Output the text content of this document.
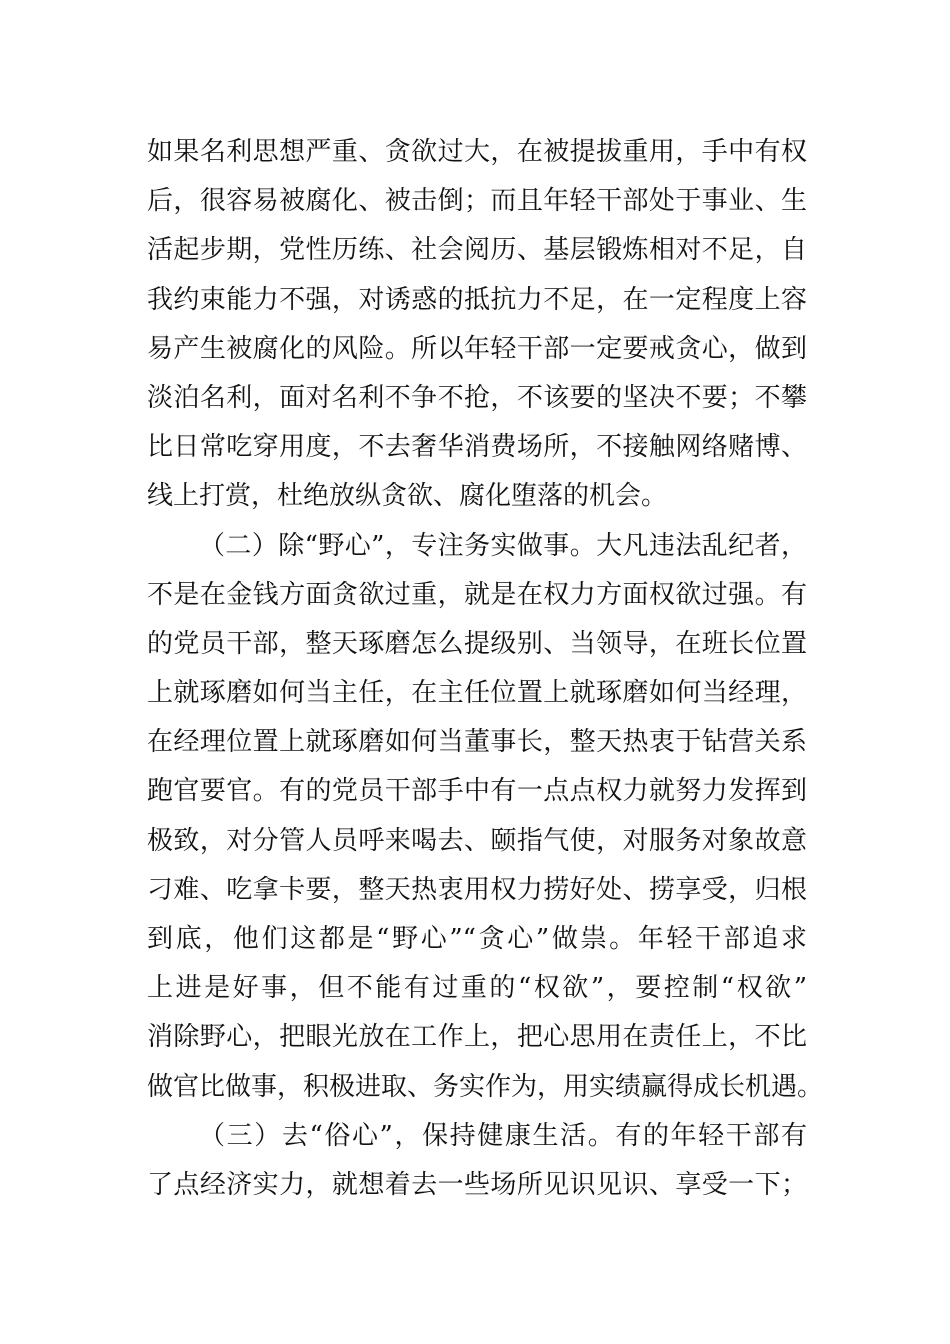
如果名利思想严重、贪欲过大，在被提拔重用，手中有权
后，很容易被腐化、被击倒；而且年轻干部处于事业、生
活起步期，党性历练、社会阅历、基层锻炼相对不足，自
我约束能力不强，对诱惑的抵抗力不足，在一定程度上容
易产生被腐化的风险。所以年轻干部一定要戒贪心，做到
淡泊名利，面对名利不争不抢，不该要的坚决不要；不攀
比日常吃穿用度，不去奢华消费场所，不接触网络赌博、
线上打赏，杜绝放纵贪欲、腐化堕落的机会。
（二）除“野心”，专注务实做事。大凡违法乱纪者，
不是在金钱方面贪欲过重，就是在权力方面权欲过强。有
的党员干部，整天琢磨怎么提级别、当领导，在班长位置
上就琢磨如何当主任，在主任位置上就琢磨如何当经理，
在经理位置上就琢磨如何当董事长，整天热衷于钻营关系
跑官要官。有的党员干部手中有一点点权力就努力发挥到
极致，对分管人员呼来喝去、颐指气使，对服务对象故意
刁难、吃拿卡要，整天热衷用权力捞好处、捞享受，归根
到底，他们这都是“野心”“贪心”做祟。年轻干部追求
上进是好事，但不能有过重的“权欲”，要控制“权欲”
消除野心，把眼光放在工作上，把心思用在责任上，不比
做官比做事，积极进取、务实作为，用实绩赢得成长机遇。
（三）去“俗心”，保持健康生活。有的年轻干部有
了点经济实力，就想着去一些场所见识见识、享受一下；
